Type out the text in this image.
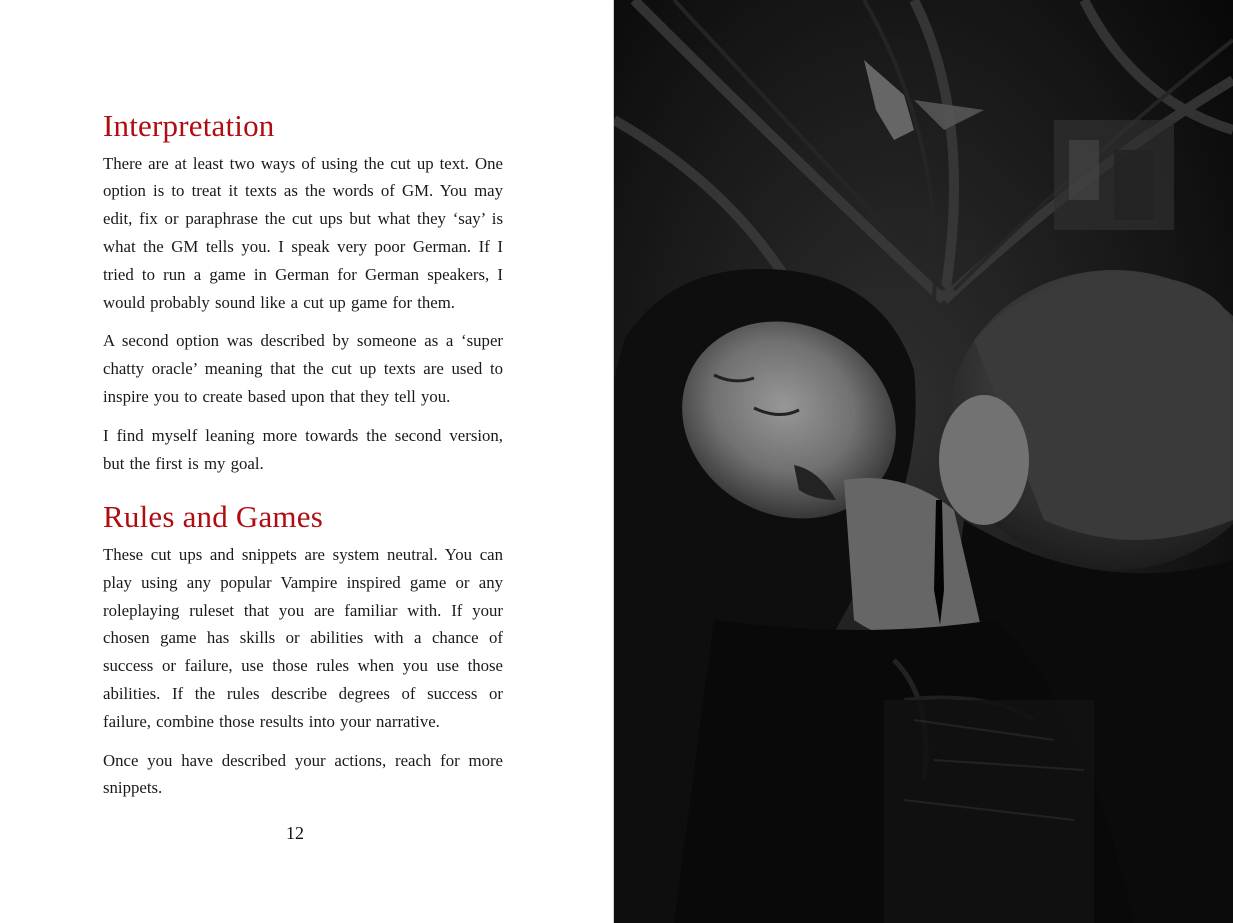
Interpretation

There are at least two ways of using the cut up text. One option is to treat it texts as the words of GM. You may edit, fix or paraphrase the cut ups but what they ‘say’ is what the GM tells you. I speak very poor German. If I tried to run a game in German for German speakers, I would probably sound like a cut up game for them.

A second option was described by someone as a ‘super chatty oracle’ meaning that the cut up texts are used to inspire you to create based upon that they tell you.

I find myself leaning more towards the second version, but the first is my goal.

Rules and Games

These cut ups and snippets are system neutral. You can play using any popular Vampire inspired game or any roleplaying ruleset that you are familiar with. If your chosen game has skills or abilities with a chance of success or failure, use those rules when you use those abilities. If the rules describe degrees of success or failure, combine those results into your narrative.

Once you have described your actions, reach for more snippets.

12
